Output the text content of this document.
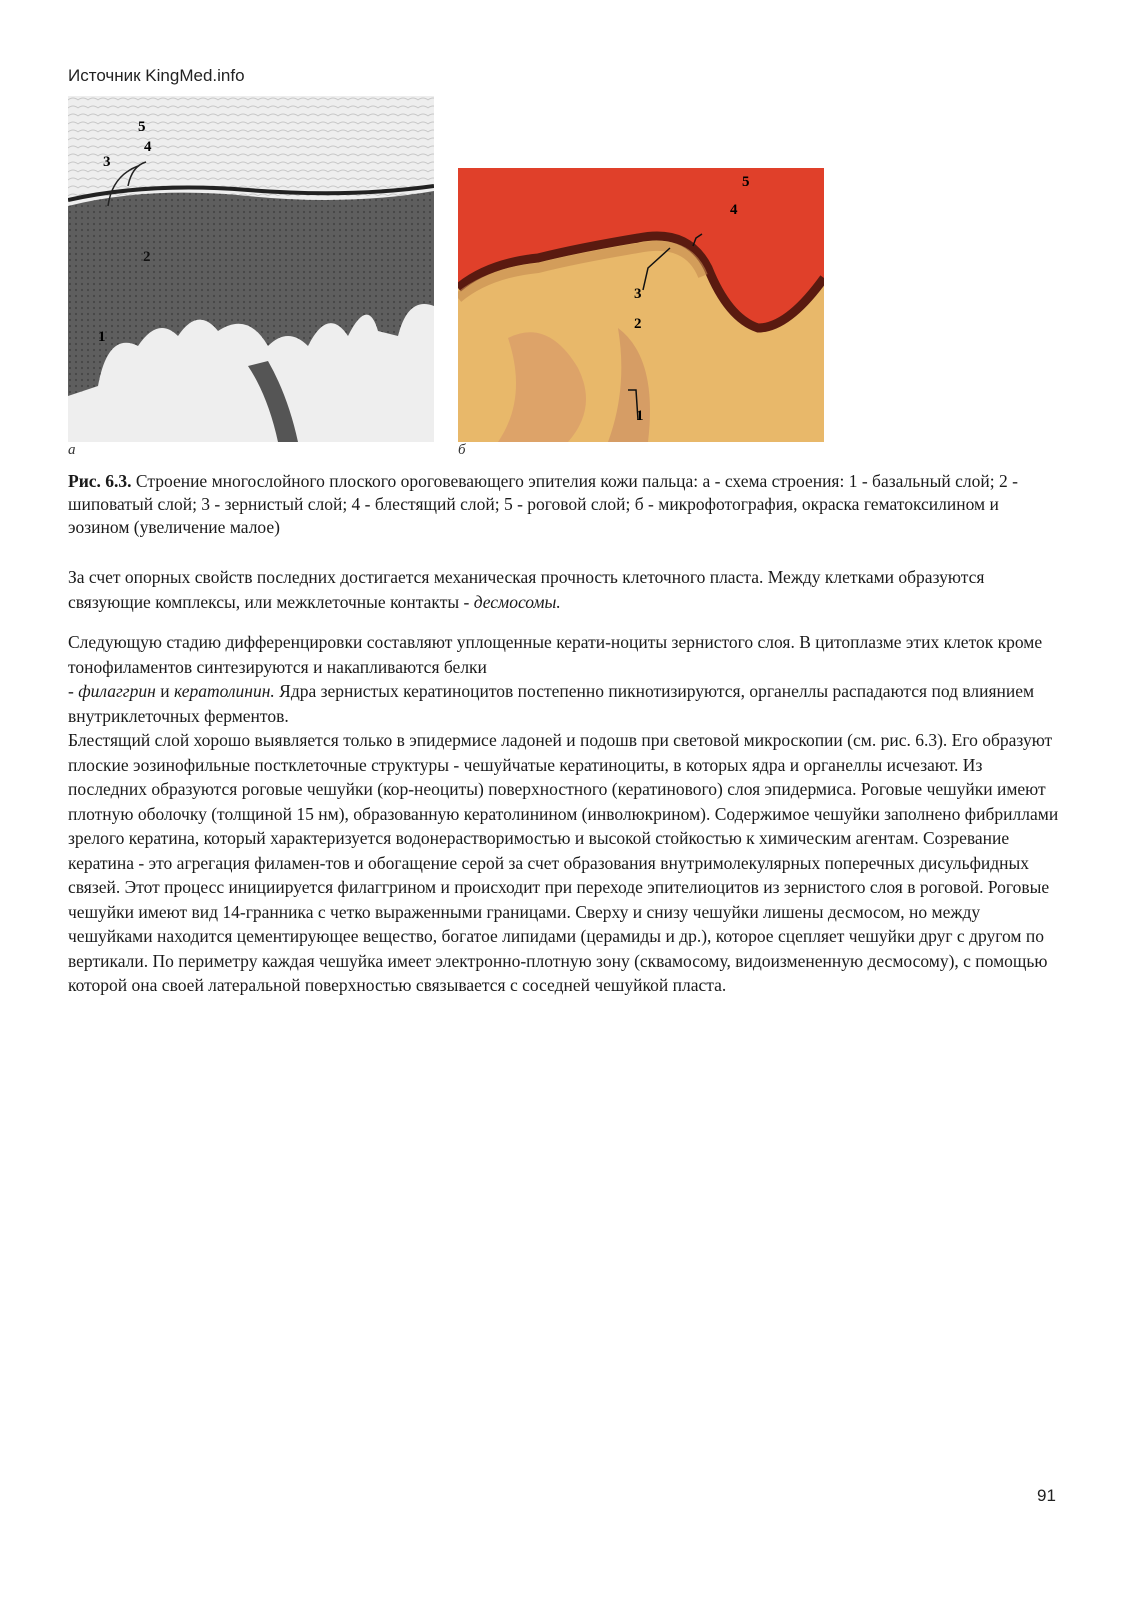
Источник KingMed.info
5
4
3
2
1
5
4
3
2
1
а	б
Рис. 6.3. Строение многослойного плоского ороговевающего эпителия кожи пальца: а - схема строения: 1 - базальный слой; 2 - шиповатый слой; 3 - зернистый слой; 4 - блестящий слой; 5 - роговой слой; б - микрофотография, окраска гематоксилином и эозином (увеличение малое)

За счет опорных свойств последних достигается механическая прочность клеточного пласта. Между клетками образуются связующие комплексы, или межклеточные контакты - десмосомы.

Следующую стадию дифференцировки составляют уплощенные керати-ноциты зернистого слоя. В цитоплазме этих клеток кроме тонофиламентов синтезируются и накапливаются белки
- филаггрин и кератолинин. Ядра зернистых кератиноцитов постепенно пикнотизируются, органеллы распадаются под влиянием внутриклеточных ферментов.
Блестящий слой хорошо выявляется только в эпидермисе ладоней и подошв при световой микроскопии (см. рис. 6.3). Его образуют плоские эозинофильные постклеточные структуры - чешуйчатые кератиноциты, в которых ядра и органеллы исчезают. Из последних образуются роговые чешуйки (кор-неоциты) поверхностного (кератинового) слоя эпидермиса. Роговые чешуйки имеют плотную оболочку (толщиной 15 нм), образованную кератолинином (инволюкрином). Содержимое чешуйки заполнено фибриллами зрелого кератина, который характеризуется водонерастворимостью и высокой стойкостью к химическим агентам. Созревание кератина - это агрегация филамен-тов и обогащение серой за счет образования внутримолекулярных поперечных дисульфидных связей. Этот процесс инициируется филаггрином и происходит при переходе эпителиоцитов из зернистого слоя в роговой. Роговые чешуйки имеют вид 14-гранника с четко выраженными границами. Сверху и снизу чешуйки лишены десмосом, но между чешуйками находится цементирующее вещество, богатое липидами (церамиды и др.), которое сцепляет чешуйки друг с другом по вертикали. По периметру каждая чешуйка имеет электронно-плотную зону (сквамосому, видоизмененную десмосому), с помощью которой она своей латеральной поверхностью связывается с соседней чешуйкой пласта.
91
